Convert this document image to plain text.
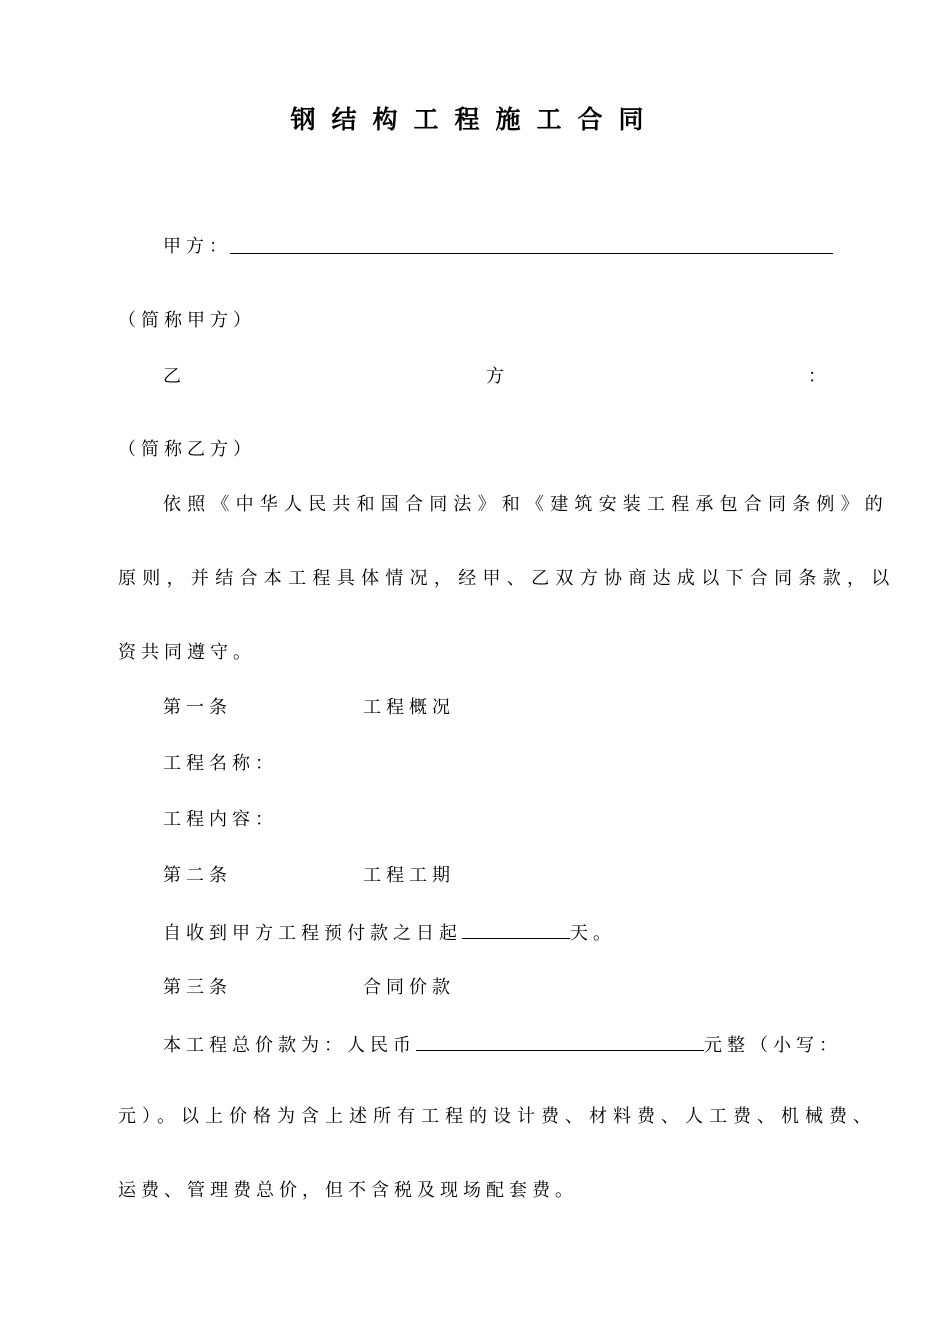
钢结构工程施工合同
甲方：
（简称甲方）
乙	方	：
（简称乙方）
依照《中华人民共和国合同法》和《建筑安装工程承包合同条例》的
原则，并结合本工程具体情况，经甲、乙双方协商达成以下合同条款，以
资共同遵守。
第一条	工程概况
工程名称：
工程内容：
第二条	工程工期
自收到甲方工程预付款之日起	天。
第三条	合同价款
本工程总价款为：人民币	元整（小写：
元）。以上价格为含上述所有工程的设计费、材料费、人工费、机械费、
运费、管理费总价，但不含税及现场配套费。
